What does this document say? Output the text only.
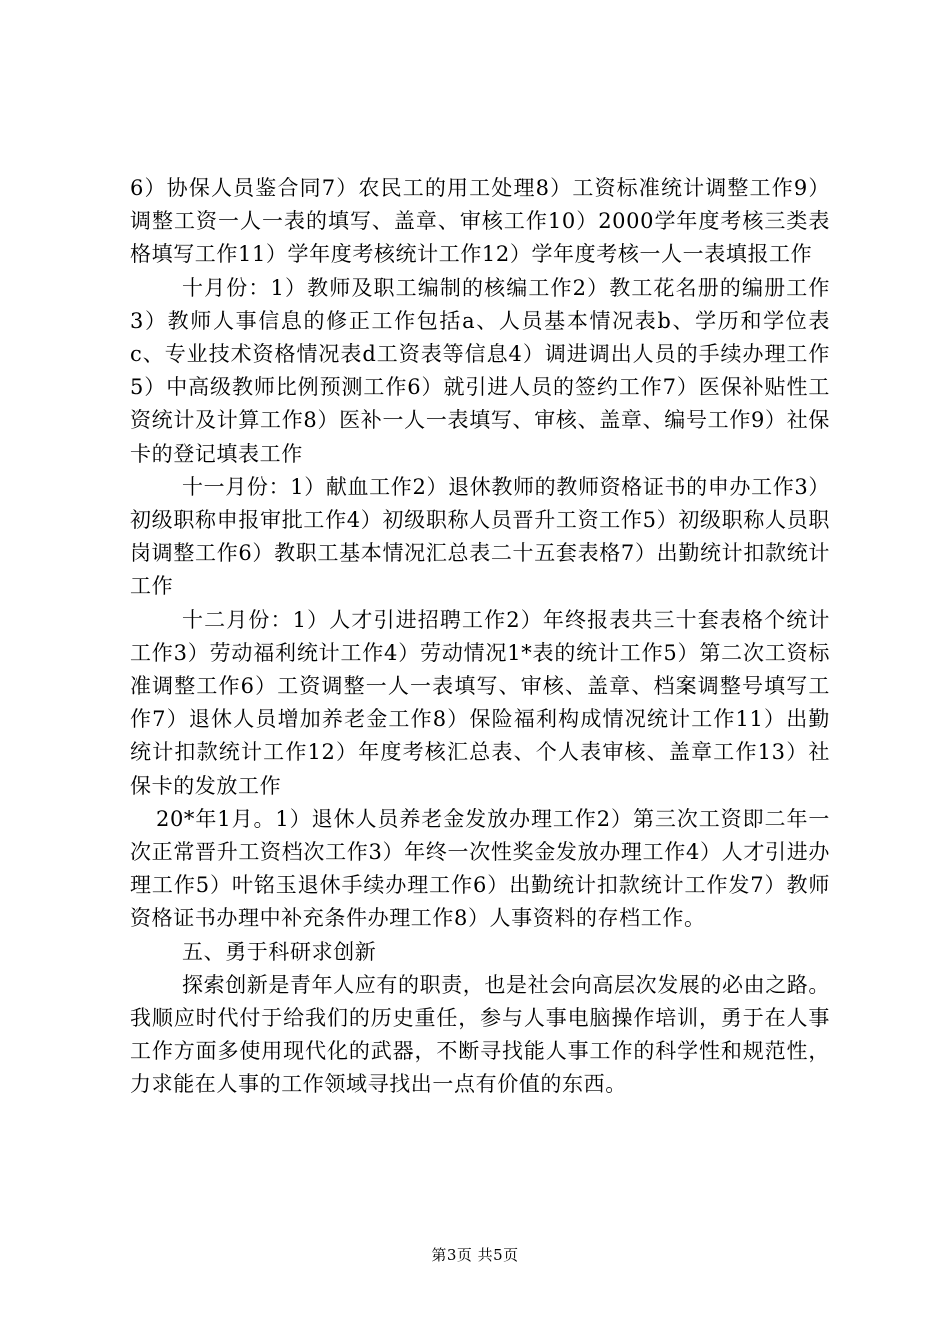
6）协保人员鉴合同7）农民工的用工处理8）工资标准统计调整工作9）调整工资一人一表的填写、盖章、审核工作10）2000学年度考核三类表格填写工作11）学年度考核统计工作12）学年度考核一人一表填报工作

十月份：1）教师及职工编制的核编工作2）教工花名册的编册工作3）教师人事信息的修正工作包括a、人员基本情况表b、学历和学位表c、专业技术资格情况表d工资表等信息4）调进调出人员的手续办理工作5）中高级教师比例预测工作6）就引进人员的签约工作7）医保补贴性工资统计及计算工作8）医补一人一表填写、审核、盖章、编号工作9）社保卡的登记填表工作

十一月份：1）献血工作2）退休教师的教师资格证书的申办工作3）初级职称申报审批工作4）初级职称人员晋升工资工作5）初级职称人员职岗调整工作6）教职工基本情况汇总表二十五套表格7）出勤统计扣款统计工作

十二月份：1）人才引进招聘工作2）年终报表共三十套表格个统计工作3）劳动福利统计工作4）劳动情况1*表的统计工作5）第二次工资标准调整工作6）工资调整一人一表填写、审核、盖章、档案调整号填写工作7）退休人员增加养老金工作8）保险福利构成情况统计工作11）出勤统计扣款统计工作12）年度考核汇总表、个人表审核、盖章工作13）社保卡的发放工作

20*年1月。1）退休人员养老金发放办理工作2）第三次工资即二年一次正常晋升工资档次工作3）年终一次性奖金发放办理工作4）人才引进办理工作5）叶铭玉退休手续办理工作6）出勤统计扣款统计工作发7）教师资格证书办理中补充条件办理工作8）人事资料的存档工作。

五、勇于科研求创新

探索创新是青年人应有的职责，也是社会向高层次发展的必由之路。我顺应时代付于给我们的历史重任，参与人事电脑操作培训，勇于在人事工作方面多使用现代化的武器，不断寻找能人事工作的科学性和规范性，力求能在人事的工作领域寻找出一点有价值的东西。

第3页 共5页
